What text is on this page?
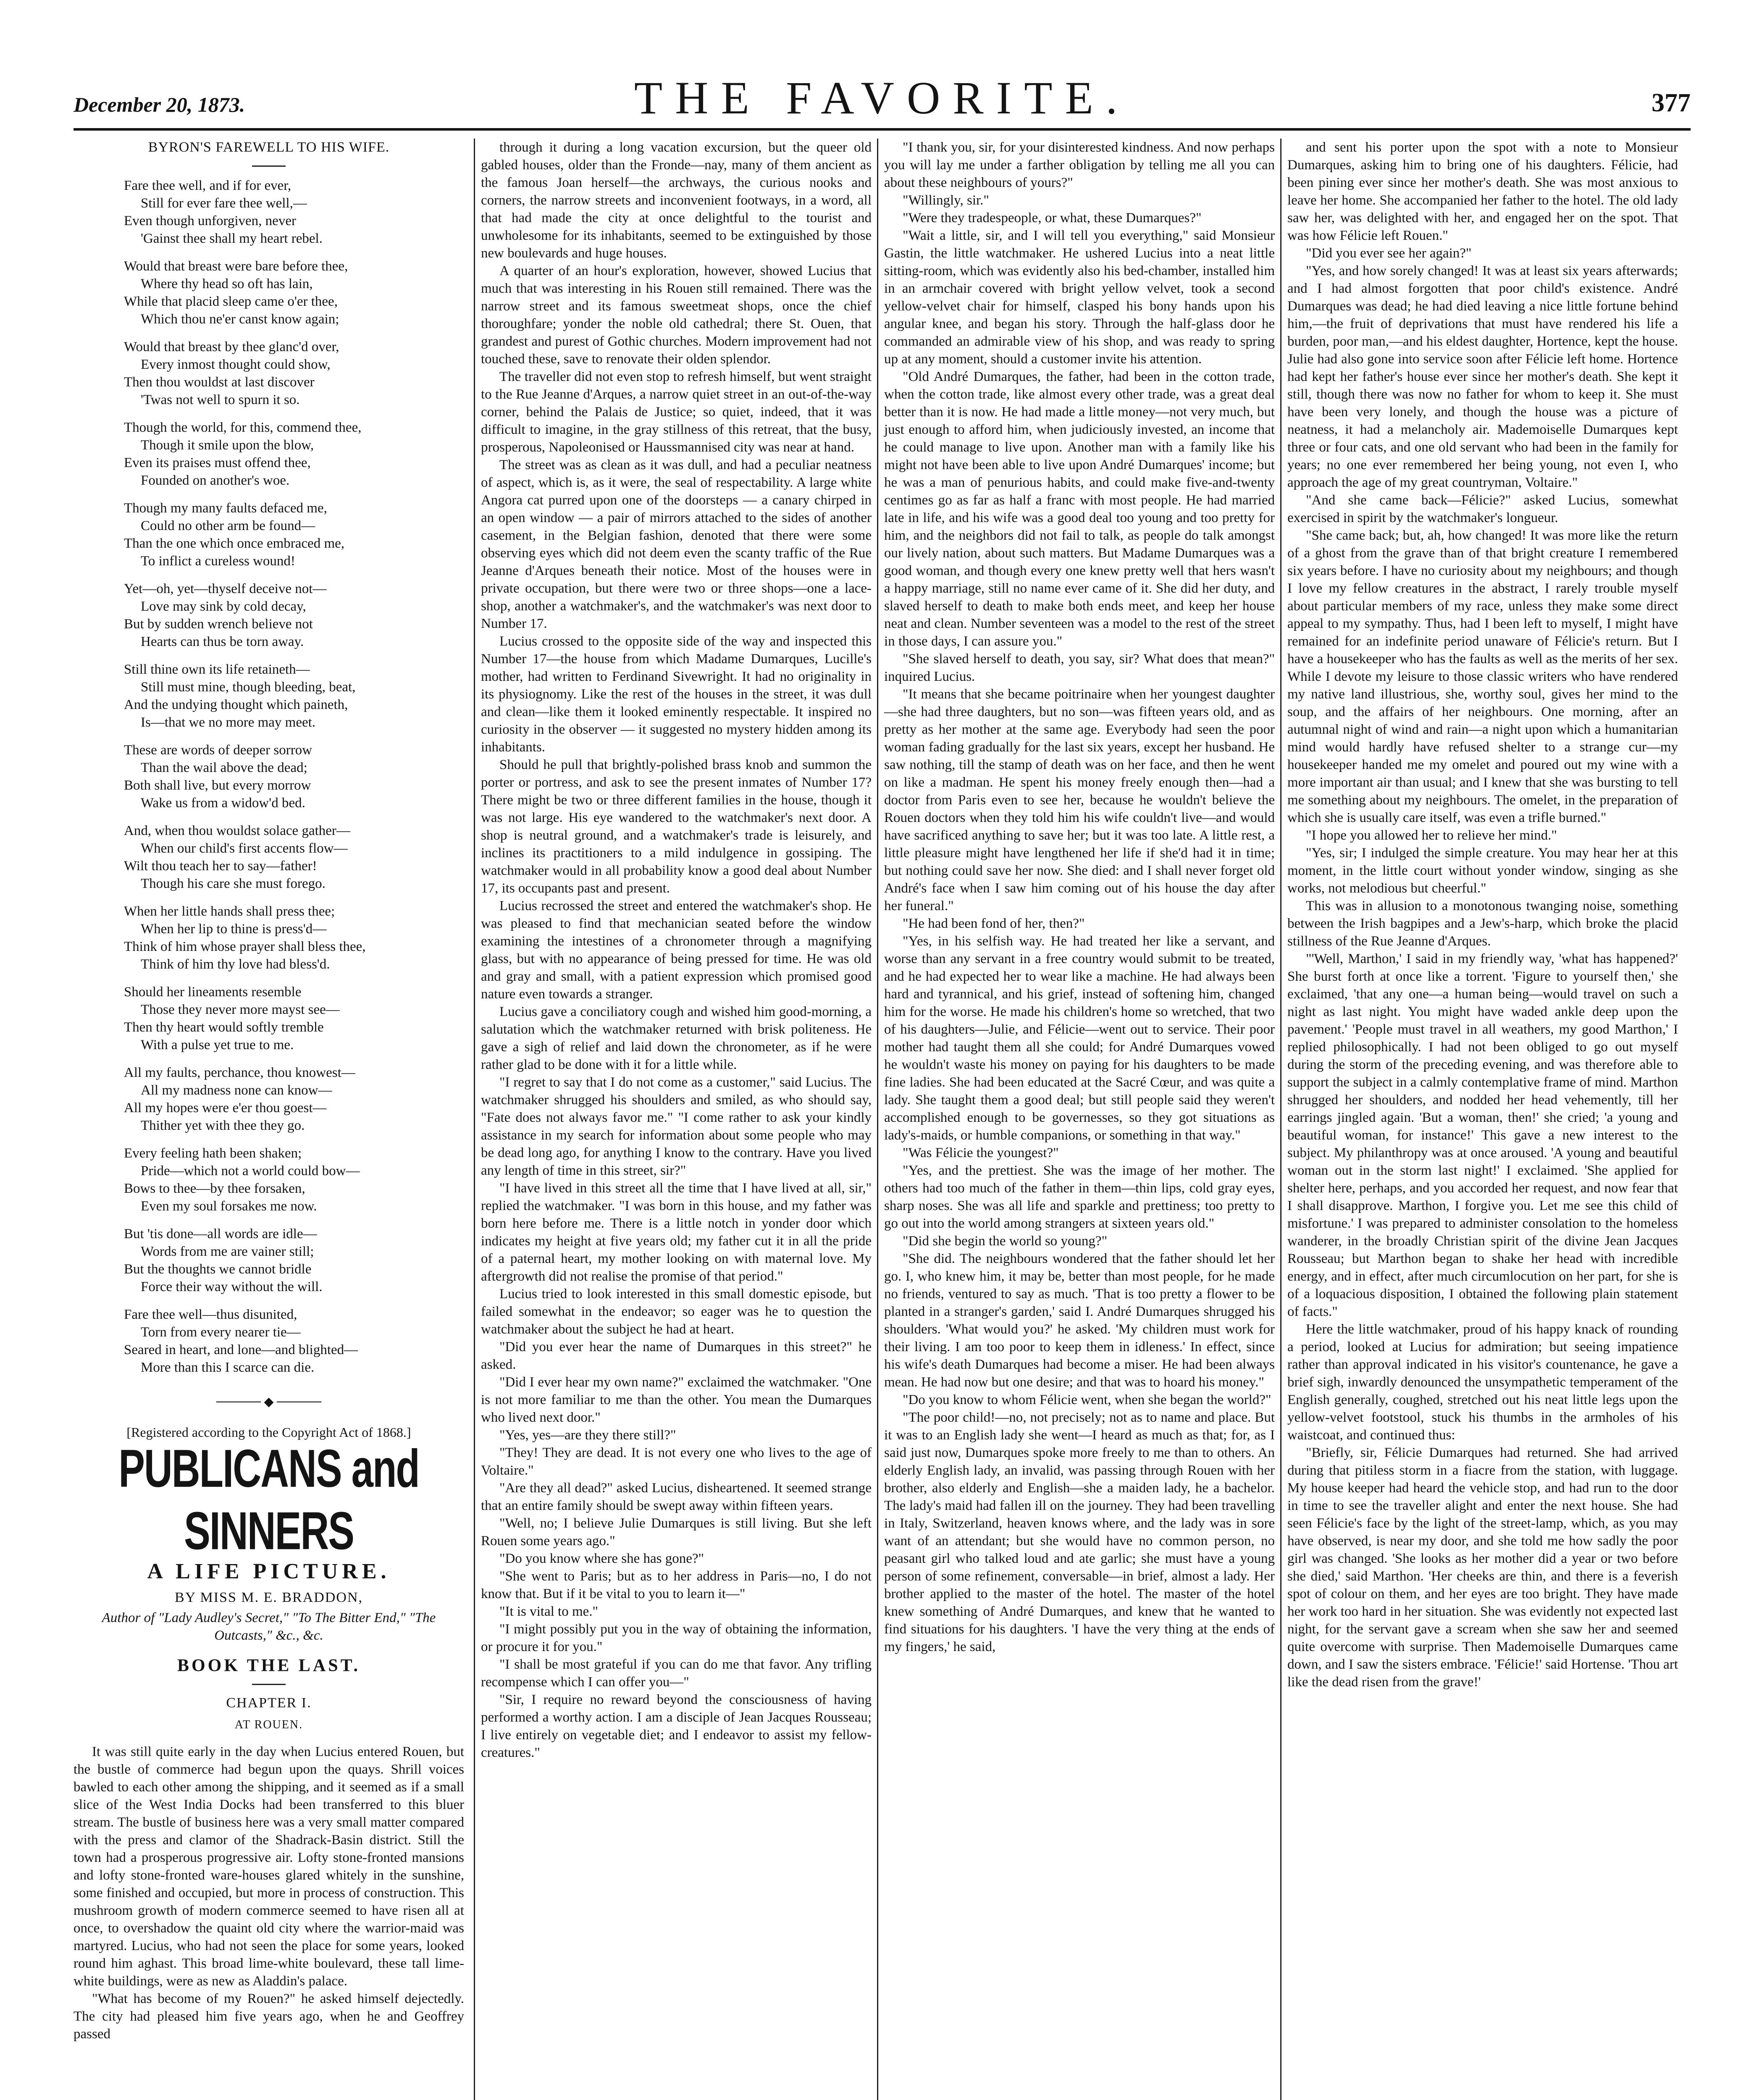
December 20, 1873.	THE FAVORITE.	377
BYRON'S FAREWELL TO HIS WIFE.
Fare thee well, and if for ever,
Still for ever fare thee well,—
Even though unforgiven, never
'Gainst thee shall my heart rebel.
Would that breast were bare before thee,
Where thy head so oft has lain,
While that placid sleep came o'er thee,
Which thou ne'er canst know again;
Would that breast by thee glanc'd over,
Every inmost thought could show,
Then thou wouldst at last discover
'Twas not well to spurn it so.
Though the world, for this, commend thee,
Though it smile upon the blow,
Even its praises must offend thee,
Founded on another's woe.
Though my many faults defaced me,
Could no other arm be found—
Than the one which once embraced me,
To inflict a cureless wound!
Yet—oh, yet—thyself deceive not—
Love may sink by cold decay,
But by sudden wrench believe not
Hearts can thus be torn away.
Still thine own its life retaineth—
Still must mine, though bleeding, beat,
And the undying thought which paineth,
Is—that we no more may meet.
These are words of deeper sorrow
Than the wail above the dead;
Both shall live, but every morrow
Wake us from a widow'd bed.
And, when thou wouldst solace gather—
When our child's first accents flow—
Wilt thou teach her to say—father!
Though his care she must forego.
When her little hands shall press thee;
When her lip to thine is press'd—
Think of him whose prayer shall bless thee,
Think of him thy love had bless'd.
Should her lineaments resemble
Those they never more mayst see—
Then thy heart would softly tremble
With a pulse yet true to me.
All my faults, perchance, thou knowest—
All my madness none can know—
All my hopes were e'er thou goest—
Thither yet with thee they go.
Every feeling hath been shaken;
Pride—which not a world could bow—
Bows to thee—by thee forsaken,
Even my soul forsakes me now.
But 'tis done—all words are idle—
Words from me are vainer still;
But the thoughts we cannot bridle
Force their way without the will.
Fare thee well—thus disunited,
Torn from every nearer tie—
Seared in heart, and lone—and blighted—
More than this I scarce can die.
───── ◆ ─────
[Registered according to the Copyright Act of 1868.]
PUBLICANS and SINNERS
A LIFE PICTURE.
BY MISS M. E. BRADDON,
Author of "Lady Audley's Secret," "To The Bitter End," "The Outcasts," &c., &c.
BOOK THE LAST.
CHAPTER I.
AT ROUEN.

It was still quite early in the day when Lucius entered Rouen, but the bustle of commerce had begun upon the quays. Shrill voices bawled to each other among the shipping, and it seemed as if a small slice of the West India Docks had been transferred to this bluer stream. The bustle of business here was a very small matter compared with the press and clamor of the Shadrack-Basin district. Still the town had a prosperous progressive air. Lofty stone-fronted mansions and lofty stone-fronted ware-houses glared whitely in the sunshine, some finished and occupied, but more in process of construction. This mushroom growth of modern commerce seemed to have risen all at once, to overshadow the quaint old city where the warrior-maid was martyred. Lucius, who had not seen the place for some years, looked round him aghast. This broad lime-white boulevard, these tall lime-white buildings, were as new as Aladdin's palace.

"What has become of my Rouen?" he asked himself dejectedly. The city had pleased him five years ago, when he and Geoffrey passed

through it during a long vacation excursion, but the queer old gabled houses, older than the Fronde—nay, many of them ancient as the famous Joan herself—the archways, the curious nooks and corners, the narrow streets and inconvenient footways, in a word, all that had made the city at once delightful to the tourist and unwholesome for its inhabitants, seemed to be extinguished by those new boulevards and huge houses.

A quarter of an hour's exploration, however, showed Lucius that much that was interesting in his Rouen still remained. There was the narrow street and its famous sweetmeat shops, once the chief thoroughfare; yonder the noble old cathedral; there St. Ouen, that grandest and purest of Gothic churches. Modern improvement had not touched these, save to renovate their olden splendor.

The traveller did not even stop to refresh himself, but went straight to the Rue Jeanne d'Arques, a narrow quiet street in an out-of-the-way corner, behind the Palais de Justice; so quiet, indeed, that it was difficult to imagine, in the gray stillness of this retreat, that the busy, prosperous, Napoleonised or Haussmannised city was near at hand.

The street was as clean as it was dull, and had a peculiar neatness of aspect, which is, as it were, the seal of respectability. A large white Angora cat purred upon one of the doorsteps — a canary chirped in an open window — a pair of mirrors attached to the sides of another casement, in the Belgian fashion, denoted that there were some observing eyes which did not deem even the scanty traffic of the Rue Jeanne d'Arques beneath their notice. Most of the houses were in private occupation, but there were two or three shops—one a lace-shop, another a watchmaker's, and the watchmaker's was next door to Number 17.

Lucius crossed to the opposite side of the way and inspected this Number 17—the house from which Madame Dumarques, Lucille's mother, had written to Ferdinand Sivewright. It had no originality in its physiognomy. Like the rest of the houses in the street, it was dull and clean—like them it looked eminently respectable. It inspired no curiosity in the observer — it suggested no mystery hidden among its inhabitants.

Should he pull that brightly-polished brass knob and summon the porter or portress, and ask to see the present inmates of Number 17? There might be two or three different families in the house, though it was not large. His eye wandered to the watchmaker's next door. A shop is neutral ground, and a watchmaker's trade is leisurely, and inclines its practitioners to a mild indulgence in gossiping. The watchmaker would in all probability know a good deal about Number 17, its occupants past and present.

Lucius recrossed the street and entered the watchmaker's shop. He was pleased to find that mechanician seated before the window examining the intestines of a chronometer through a magnifying glass, but with no appearance of being pressed for time. He was old and gray and small, with a patient expression which promised good nature even towards a stranger.

Lucius gave a conciliatory cough and wished him good-morning, a salutation which the watchmaker returned with brisk politeness. He gave a sigh of relief and laid down the chronometer, as if he were rather glad to be done with it for a little while.

"I regret to say that I do not come as a customer," said Lucius. The watchmaker shrugged his shoulders and smiled, as who should say, "Fate does not always favor me." "I come rather to ask your kindly assistance in my search for information about some people who may be dead long ago, for anything I know to the contrary. Have you lived any length of time in this street, sir?"

"I have lived in this street all the time that I have lived at all, sir," replied the watchmaker. "I was born in this house, and my father was born here before me. There is a little notch in yonder door which indicates my height at five years old; my father cut it in all the pride of a paternal heart, my mother looking on with maternal love. My aftergrowth did not realise the promise of that period."

Lucius tried to look interested in this small domestic episode, but failed somewhat in the endeavor; so eager was he to question the watchmaker about the subject he had at heart.

"Did you ever hear the name of Dumarques in this street?" he asked.

"Did I ever hear my own name?" exclaimed the watchmaker. "One is not more familiar to me than the other. You mean the Dumarques who lived next door."

"Yes, yes—are they there still?"

"They! They are dead. It is not every one who lives to the age of Voltaire."

"Are they all dead?" asked Lucius, disheartened. It seemed strange that an entire family should be swept away within fifteen years.

"Well, no; I believe Julie Dumarques is still living. But she left Rouen some years ago."

"Do you know where she has gone?"

"She went to Paris; but as to her address in Paris—no, I do not know that. But if it be vital to you to learn it—"

"It is vital to me."

"I might possibly put you in the way of obtaining the information, or procure it for you."

"I shall be most grateful if you can do me that favor. Any trifling recompense which I can offer you—"

"Sir, I require no reward beyond the consciousness of having performed a worthy action. I am a disciple of Jean Jacques Rousseau; I live entirely on vegetable diet; and I endeavor to assist my fellow-creatures."

"I thank you, sir, for your disinterested kindness. And now perhaps you will lay me under a farther obligation by telling me all you can about these neighbours of yours?"

"Willingly, sir."

"Were they tradespeople, or what, these Dumarques?"

"Wait a little, sir, and I will tell you everything," said Monsieur Gastin, the little watchmaker. He ushered Lucius into a neat little sitting-room, which was evidently also his bed-chamber, installed him in an armchair covered with bright yellow velvet, took a second yellow-velvet chair for himself, clasped his bony hands upon his angular knee, and began his story. Through the half-glass door he commanded an admirable view of his shop, and was ready to spring up at any moment, should a customer invite his attention.

"Old André Dumarques, the father, had been in the cotton trade, when the cotton trade, like almost every other trade, was a great deal better than it is now. He had made a little money—not very much, but just enough to afford him, when judiciously invested, an income that he could manage to live upon. Another man with a family like his might not have been able to live upon André Dumarques' income; but he was a man of penurious habits, and could make five-and-twenty centimes go as far as half a franc with most people. He had married late in life, and his wife was a good deal too young and too pretty for him, and the neighbors did not fail to talk, as people do talk amongst our lively nation, about such matters. But Madame Dumarques was a good woman, and though every one knew pretty well that hers wasn't a happy marriage, still no name ever came of it. She did her duty, and slaved herself to death to make both ends meet, and keep her house neat and clean. Number seventeen was a model to the rest of the street in those days, I can assure you."

"She slaved herself to death, you say, sir? What does that mean?" inquired Lucius.

"It means that she became poitrinaire when her youngest daughter—she had three daughters, but no son—was fifteen years old, and as pretty as her mother at the same age. Everybody had seen the poor woman fading gradually for the last six years, except her husband. He saw nothing, till the stamp of death was on her face, and then he went on like a madman. He spent his money freely enough then—had a doctor from Paris even to see her, because he wouldn't believe the Rouen doctors when they told him his wife couldn't live—and would have sacrificed anything to save her; but it was too late. A little rest, a little pleasure might have lengthened her life if she'd had it in time; but nothing could save her now. She died: and I shall never forget old André's face when I saw him coming out of his house the day after her funeral."

"He had been fond of her, then?"

"Yes, in his selfish way. He had treated her like a servant, and worse than any servant in a free country would submit to be treated, and he had expected her to wear like a machine. He had always been hard and tyrannical, and his grief, instead of softening him, changed him for the worse. He made his children's home so wretched, that two of his daughters—Julie, and Félicie—went out to service. Their poor mother had taught them all she could; for André Dumarques vowed he wouldn't waste his money on paying for his daughters to be made fine ladies. She had been educated at the Sacré Cœur, and was quite a lady. She taught them a good deal; but still people said they weren't accomplished enough to be governesses, so they got situations as lady's-maids, or humble companions, or something in that way."

"Was Félicie the youngest?"

"Yes, and the prettiest. She was the image of her mother. The others had too much of the father in them—thin lips, cold gray eyes, sharp noses. She was all life and sparkle and prettiness; too pretty to go out into the world among strangers at sixteen years old."

"Did she begin the world so young?"

"She did. The neighbours wondered that the father should let her go. I, who knew him, it may be, better than most people, for he made no friends, ventured to say as much. 'That is too pretty a flower to be planted in a stranger's garden,' said I. André Dumarques shrugged his shoulders. 'What would you?' he asked. 'My children must work for their living. I am too poor to keep them in idleness.' In effect, since his wife's death Dumarques had become a miser. He had been always mean. He had now but one desire; and that was to hoard his money."

"Do you know to whom Félicie went, when she began the world?"

"The poor child!—no, not precisely; not as to name and place. But it was to an English lady she went—I heard as much as that; for, as I said just now, Dumarques spoke more freely to me than to others. An elderly English lady, an invalid, was passing through Rouen with her brother, also elderly and English—she a maiden lady, he a bachelor. The lady's maid had fallen ill on the journey. They had been travelling in Italy, Switzerland, heaven knows where, and the lady was in sore want of an attendant; but she would have no common person, no peasant girl who talked loud and ate garlic; she must have a young person of some refinement, conversable—in brief, almost a lady. Her brother applied to the master of the hotel. The master of the hotel knew something of André Dumarques, and knew that he wanted to find situations for his daughters. 'I have the very thing at the ends of my fingers,' he said,

and sent his porter upon the spot with a note to Monsieur Dumarques, asking him to bring one of his daughters. Félicie, had been pining ever since her mother's death. She was most anxious to leave her home. She accompanied her father to the hotel. The old lady saw her, was delighted with her, and engaged her on the spot. That was how Félicie left Rouen."

"Did you ever see her again?"

"Yes, and how sorely changed! It was at least six years afterwards; and I had almost forgotten that poor child's existence. André Dumarques was dead; he had died leaving a nice little fortune behind him,—the fruit of deprivations that must have rendered his life a burden, poor man,—and his eldest daughter, Hortence, kept the house. Julie had also gone into service soon after Félicie left home. Hortence had kept her father's house ever since her mother's death. She kept it still, though there was now no father for whom to keep it. She must have been very lonely, and though the house was a picture of neatness, it had a melancholy air. Mademoiselle Dumarques kept three or four cats, and one old servant who had been in the family for years; no one ever remembered her being young, not even I, who approach the age of my great countryman, Voltaire."

"And she came back—Félicie?" asked Lucius, somewhat exercised in spirit by the watchmaker's longueur.

"She came back; but, ah, how changed! It was more like the return of a ghost from the grave than of that bright creature I remembered six years before. I have no curiosity about my neighbours; and though I love my fellow creatures in the abstract, I rarely trouble myself about particular members of my race, unless they make some direct appeal to my sympathy. Thus, had I been left to myself, I might have remained for an indefinite period unaware of Félicie's return. But I have a housekeeper who has the faults as well as the merits of her sex. While I devote my leisure to those classic writers who have rendered my native land illustrious, she, worthy soul, gives her mind to the soup, and the affairs of her neighbours. One morning, after an autumnal night of wind and rain—a night upon which a humanitarian mind would hardly have refused shelter to a strange cur—my housekeeper handed me my omelet and poured out my wine with a more important air than usual; and I knew that she was bursting to tell me something about my neighbours. The omelet, in the preparation of which she is usually care itself, was even a trifle burned."

"I hope you allowed her to relieve her mind."

"Yes, sir; I indulged the simple creature. You may hear her at this moment, in the little court without yonder window, singing as she works, not melodious but cheerful."

This was in allusion to a monotonous twanging noise, something between the Irish bagpipes and a Jew's-harp, which broke the placid stillness of the Rue Jeanne d'Arques.

"'Well, Marthon,' I said in my friendly way, 'what has happened?' She burst forth at once like a torrent. 'Figure to yourself then,' she exclaimed, 'that any one—a human being—would travel on such a night as last night. You might have waded ankle deep upon the pavement.' 'People must travel in all weathers, my good Marthon,' I replied philosophically. I had not been obliged to go out myself during the storm of the preceding evening, and was therefore able to support the subject in a calmly contemplative frame of mind. Marthon shrugged her shoulders, and nodded her head vehemently, till her earrings jingled again. 'But a woman, then!' she cried; 'a young and beautiful woman, for instance!' This gave a new interest to the subject. My philanthropy was at once aroused. 'A young and beautiful woman out in the storm last night!' I exclaimed. 'She applied for shelter here, perhaps, and you accorded her request, and now fear that I shall disapprove. Marthon, I forgive you. Let me see this child of misfortune.' I was prepared to administer consolation to the homeless wanderer, in the broadly Christian spirit of the divine Jean Jacques Rousseau; but Marthon began to shake her head with incredible energy, and in effect, after much circumlocution on her part, for she is of a loquacious disposition, I obtained the following plain statement of facts."

Here the little watchmaker, proud of his happy knack of rounding a period, looked at Lucius for admiration; but seeing impatience rather than approval indicated in his visitor's countenance, he gave a brief sigh, inwardly denounced the unsympathetic temperament of the English generally, coughed, stretched out his neat little legs upon the yellow-velvet footstool, stuck his thumbs in the armholes of his waistcoat, and continued thus:

"Briefly, sir, Félicie Dumarques had returned. She had arrived during that pitiless storm in a fiacre from the station, with luggage. My house keeper had heard the vehicle stop, and had run to the door in time to see the traveller alight and enter the next house. She had seen Félicie's face by the light of the street-lamp, which, as you may have observed, is near my door, and she told me how sadly the poor girl was changed. 'She looks as her mother did a year or two before she died,' said Marthon. 'Her cheeks are thin, and there is a feverish spot of colour on them, and her eyes are too bright. They have made her work too hard in her situation. She was evidently not expected last night, for the servant gave a scream when she saw her and seemed quite overcome with surprise. Then Mademoiselle Dumarques came down, and I saw the sisters embrace. 'Félicie!' said Hortense. 'Thou art like the dead risen from the grave!'
